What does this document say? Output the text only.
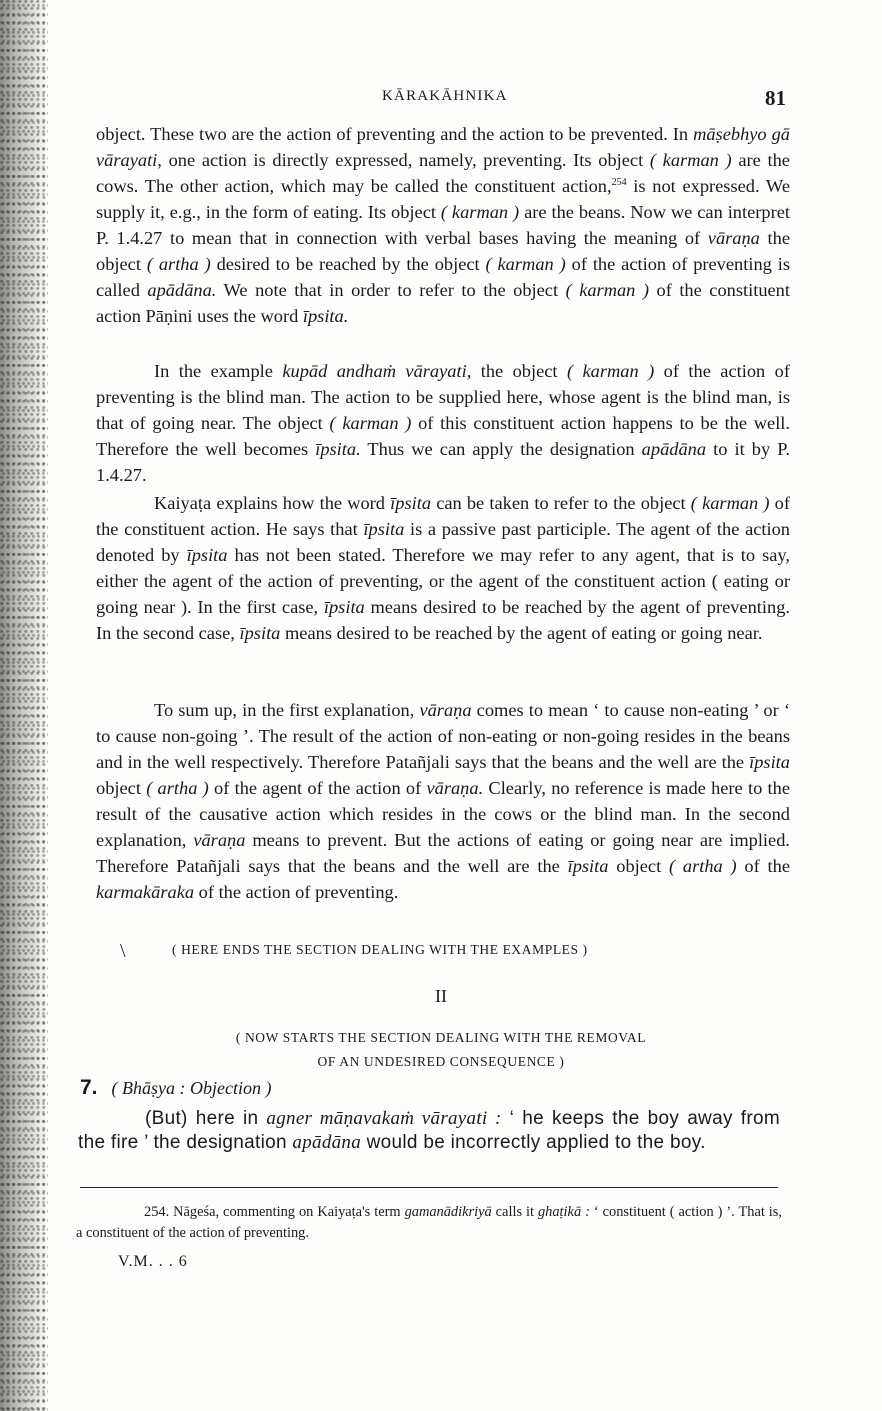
KĀRAKĀHNIKA	81

object. These two are the action of preventing and the action to be prevented. In māṣebhyo gā vārayati, one action is directly expressed, namely, preventing. Its object ( karman ) are the cows. The other action, which may be called the constituent action,$^{254}$ is not expressed. We supply it, e.g., in the form of eating. Its object ( karman ) are the beans. Now we can interpret P. 1.4.27 to mean that in connection with verbal bases having the meaning of vāraṇa the object ( artha ) desired to be reached by the object ( karman ) of the action of preventing is called apādāna. We note that in order to refer to the object ( karman ) of the constituent action Pāṇini uses the word īpsita.

In the example kupād andhaṁ vārayati, the object ( karman ) of the action of preventing is the blind man. The action to be supplied here, whose agent is the blind man, is that of going near. The object ( karman ) of this constituent action happens to be the well. Therefore the well becomes īpsita. Thus we can apply the designation apādāna to it by P. 1.4.27.

Kaiyaṭa explains how the word īpsita can be taken to refer to the object ( karman ) of the constituent action. He says that īpsita is a passive past participle. The agent of the action denoted by īpsita has not been stated. Therefore we may refer to any agent, that is to say, either the agent of the action of preventing, or the agent of the constituent action ( eating or going near ). In the first case, īpsita means desired to be reached by the agent of preventing. In the second case, īpsita means desired to be reached by the agent of eating or going near.

To sum up, in the first explanation, vāraṇa comes to mean ‘ to cause non-eating ’ or ‘ to cause non-going ’. The result of the action of non-eating or non-going resides in the beans and in the well respectively. Therefore Patañjali says that the beans and the well are the īpsita object ( artha ) of the agent of the action of vāraṇa. Clearly, no reference is made here to the result of the causative action which resides in the cows or the blind man. In the second explanation, vāraṇa means to prevent. But the actions of eating or going near are implied. Therefore Patañjali says that the beans and the well are the īpsita object ( artha ) of the karmakāraka of the action of preventing.

\	( HERE ENDS THE SECTION DEALING WITH THE EXAMPLES )
II
( NOW STARTS THE SECTION DEALING WITH THE REMOVAL
OF AN UNDESIRED CONSEQUENCE )
7. ( Bhāṣya : Objection )

(But) here in agner māṇavakaṁ vārayati : ‘ he keeps the boy away from the fire ’ the designation apādāna would be incorrectly applied to the boy.

254. Nāgeśa, commenting on Kaiyaṭa's term gamanādikriyā calls it ghaṭikā : ‘ constituent ( action ) ’. That is, a constituent of the action of preventing.

V.M. . . 6
